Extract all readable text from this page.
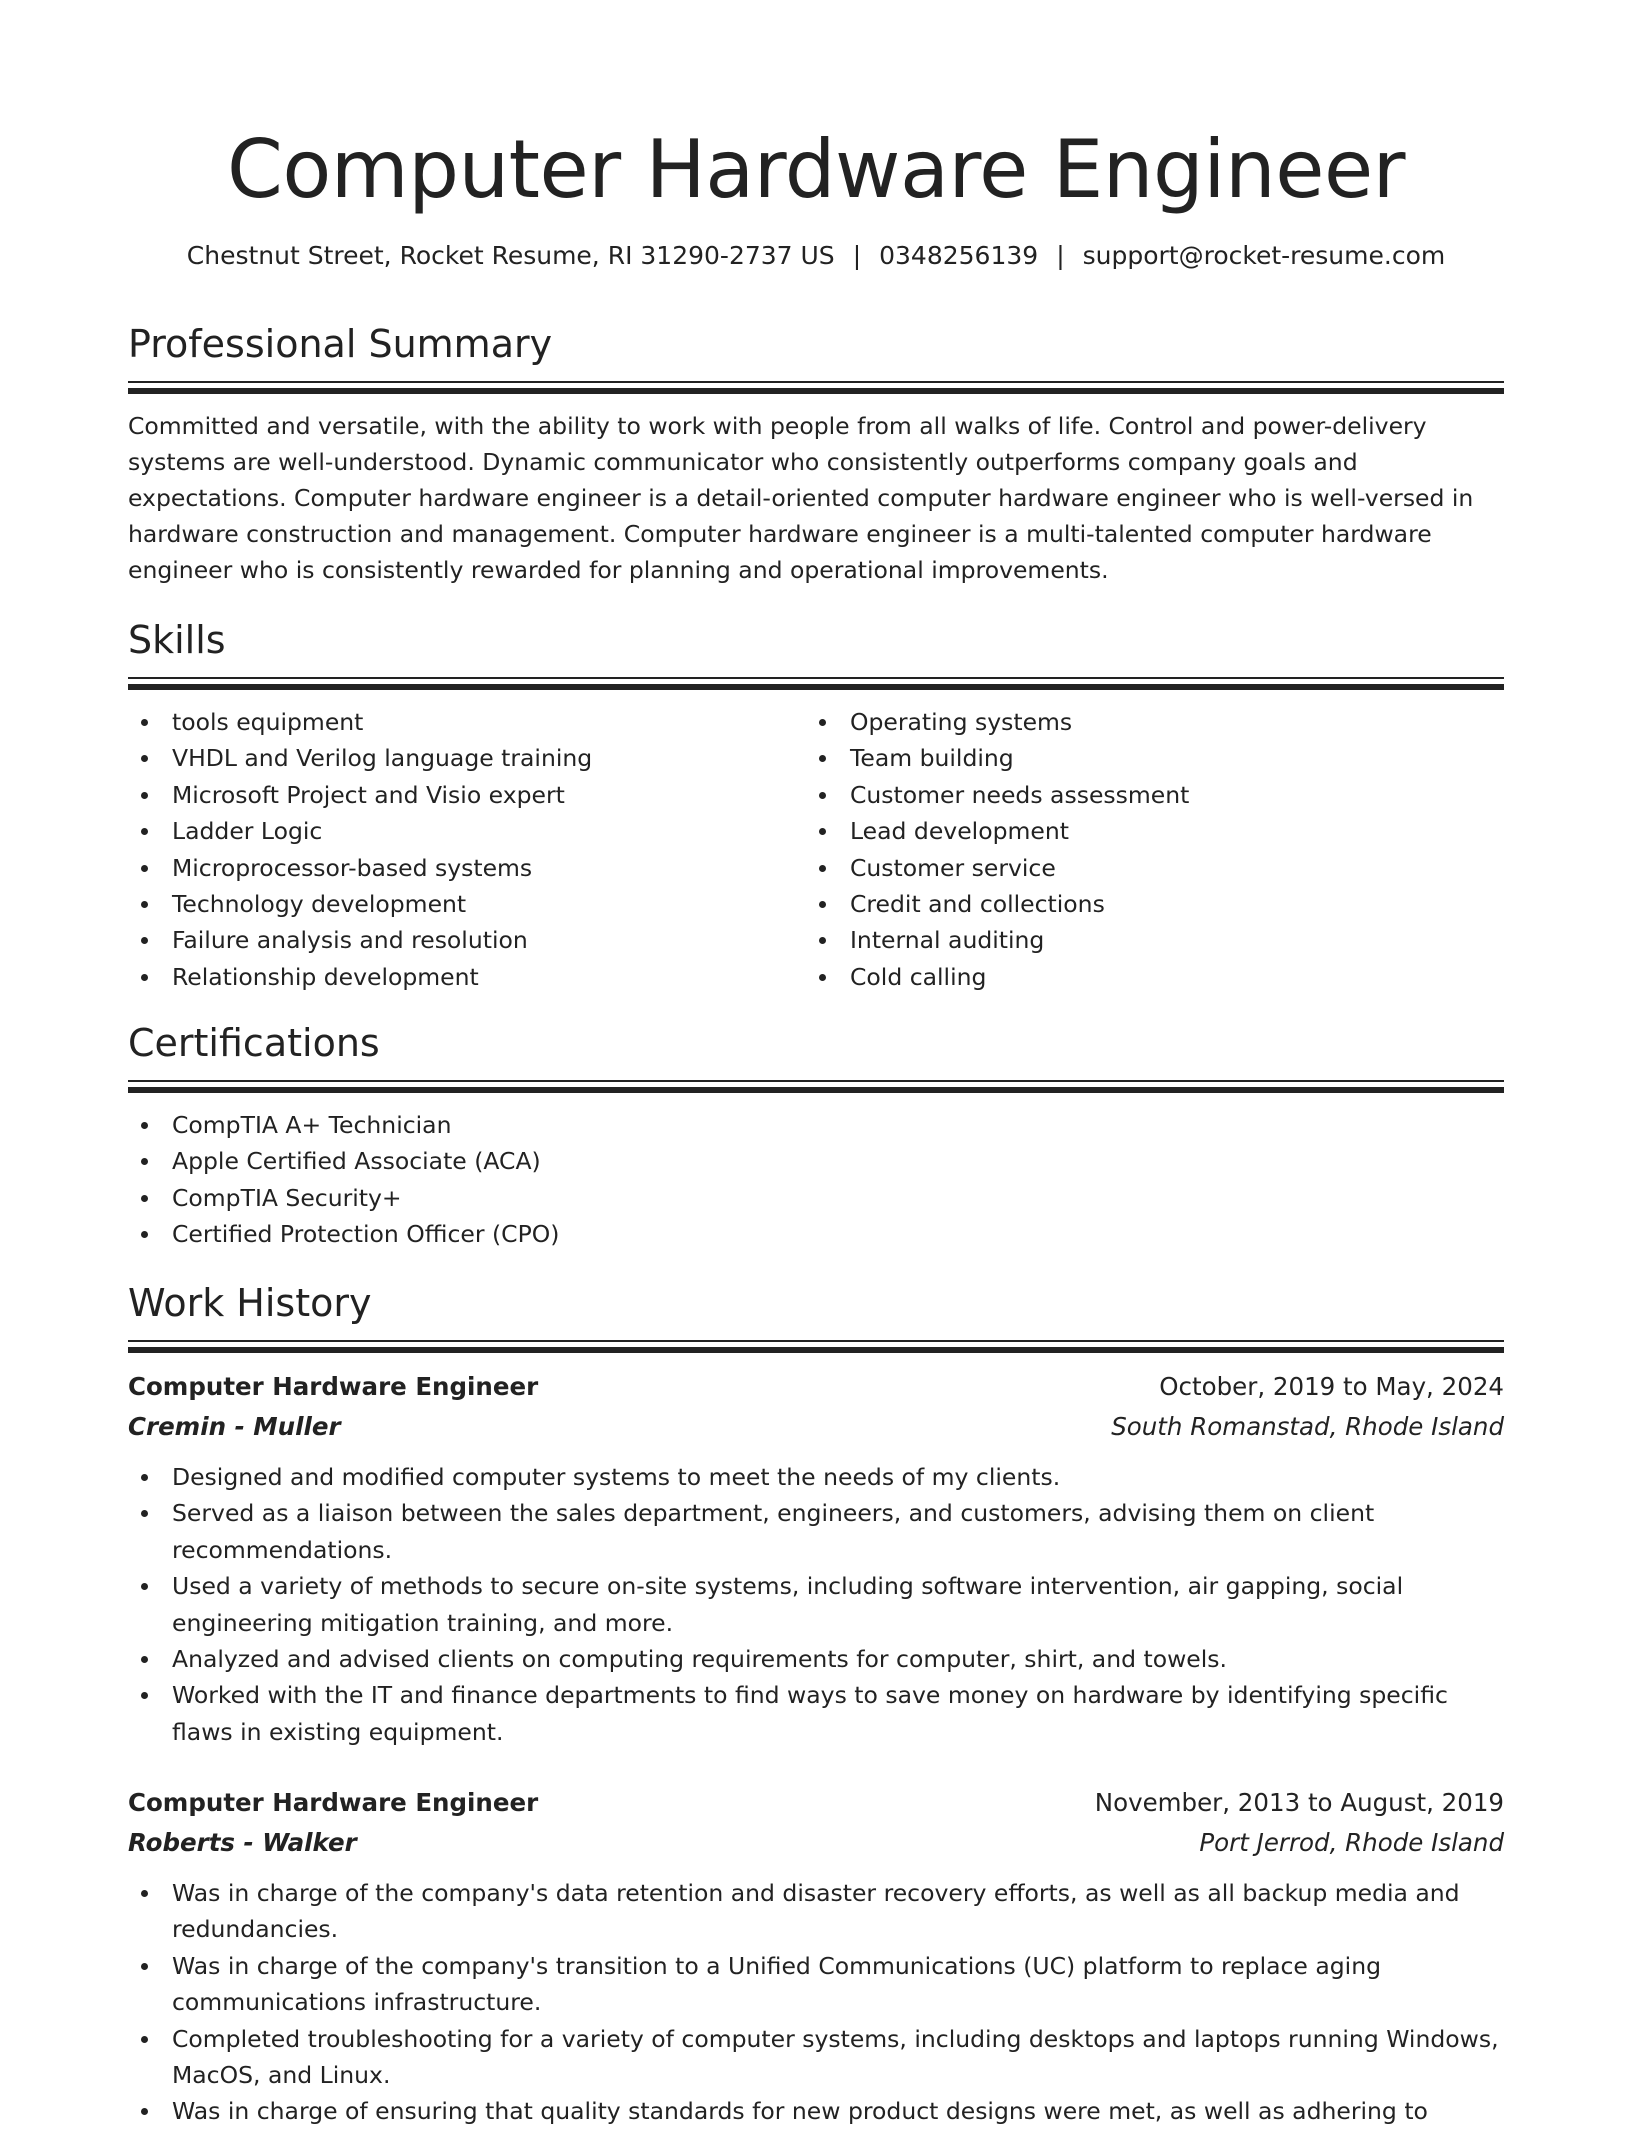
Computer Hardware Engineer
Chestnut Street, Rocket Resume, RI 31290-2737 US | 0348256139 | support@rocket-resume.com
Professional Summary
Committed and versatile, with the ability to work with people from all walks of life. Control and power-delivery systems are well-understood. Dynamic communicator who consistently outperforms company goals and expectations. Computer hardware engineer is a detail-oriented computer hardware engineer who is well-versed in hardware construction and management. Computer hardware engineer is a multi-talented computer hardware engineer who is consistently rewarded for planning and operational improvements.
Skills
tools equipment
VHDL and Verilog language training
Microsoft Project and Visio expert
Ladder Logic
Microprocessor-based systems
Technology development
Failure analysis and resolution
Relationship development
Operating systems
Team building
Customer needs assessment
Lead development
Customer service
Credit and collections
Internal auditing
Cold calling
Certifications
CompTIA A+ Technician
Apple Certified Associate (ACA)
CompTIA Security+
Certified Protection Officer (CPO)
Work History
Computer Hardware Engineer	October, 2019 to May, 2024
Cremin - Muller	South Romanstad, Rhode Island
Designed and modified computer systems to meet the needs of my clients.
Served as a liaison between the sales department, engineers, and customers, advising them on client recommendations.
Used a variety of methods to secure on-site systems, including software intervention, air gapping, social engineering mitigation training, and more.
Analyzed and advised clients on computing requirements for computer, shirt, and towels.
Worked with the IT and finance departments to find ways to save money on hardware by identifying specific flaws in existing equipment.
Computer Hardware Engineer	November, 2013 to August, 2019
Roberts - Walker	Port Jerrod, Rhode Island
Was in charge of the company's data retention and disaster recovery efforts, as well as all backup media and redundancies.
Was in charge of the company's transition to a Unified Communications (UC) platform to replace aging communications infrastructure.
Completed troubleshooting for a variety of computer systems, including desktops and laptops running Windows, MacOS, and Linux.
Was in charge of ensuring that quality standards for new product designs were met, as well as adhering to
